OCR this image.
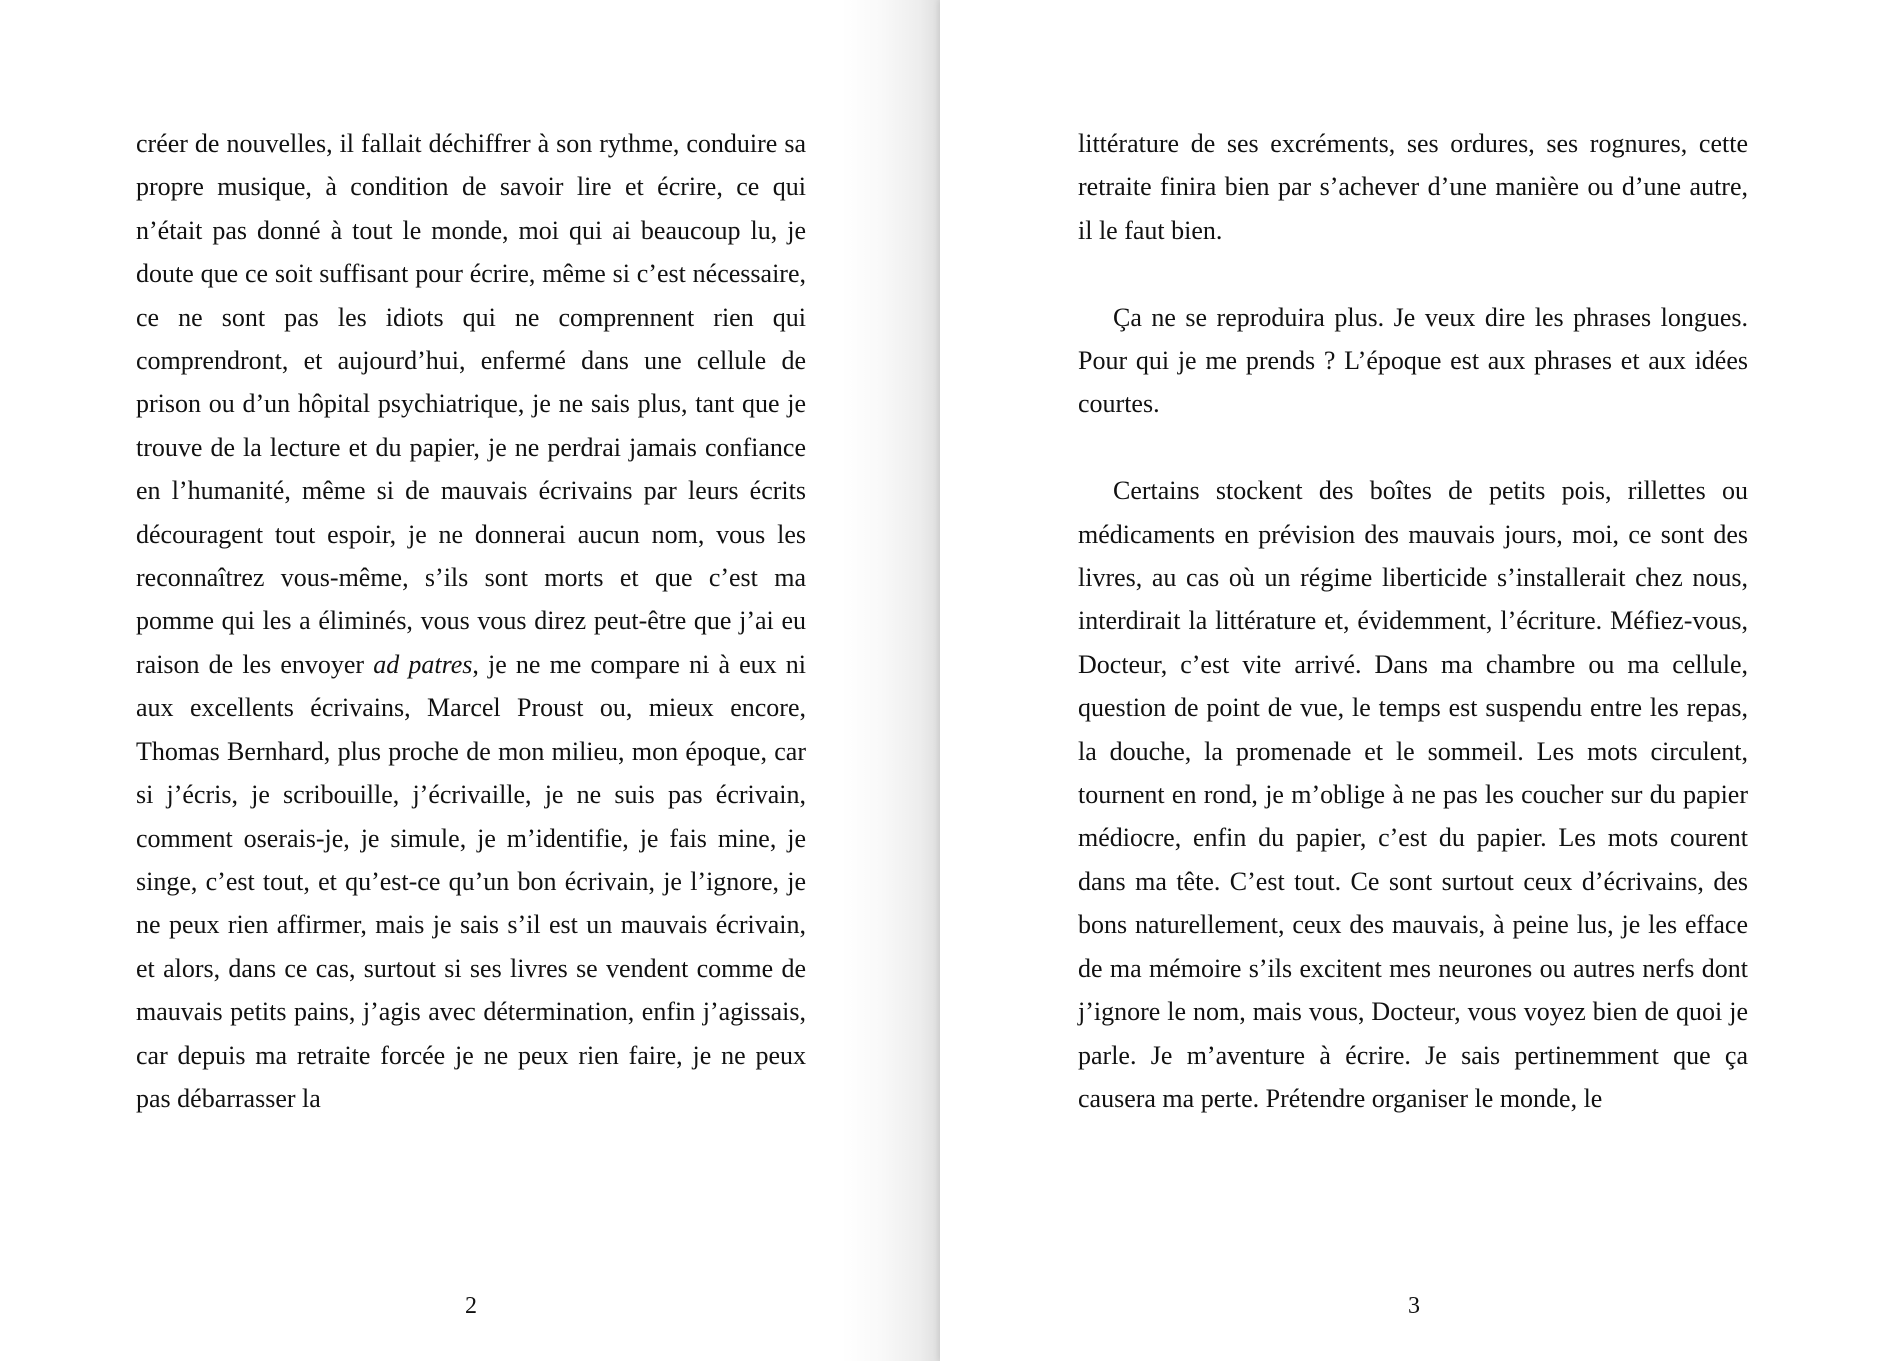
créer de nouvelles, il fallait déchiffrer à son rythme, conduire sa propre musique, à condition de savoir lire et écrire, ce qui n’était pas donné à tout le monde, moi qui ai beaucoup lu, je doute que ce soit suffisant pour écrire, même si c’est nécessaire, ce ne sont pas les idiots qui ne comprennent rien qui comprendront, et aujourd’hui, enfermé dans une cellule de prison ou d’un hôpital psychiatrique, je ne sais plus, tant que je trouve de la lecture et du papier, je ne perdrai jamais confiance en l’humanité, même si de mauvais écrivains par leurs écrits découragent tout espoir, je ne donnerai aucun nom, vous les reconnaîtrez vous-même, s’ils sont morts et que c’est ma pomme qui les a éliminés, vous vous direz peut-être que j’ai eu raison de les envoyer ad patres, je ne me compare ni à eux ni aux excellents écrivains, Marcel Proust ou, mieux encore, Thomas Bernhard, plus proche de mon milieu, mon époque, car si j’écris, je scribouille, j’écrivaille, je ne suis pas écrivain, comment oserais-je, je simule, je m’identifie, je fais mine, je singe, c’est tout, et qu’est-ce qu’un bon écrivain, je l’ignore, je ne peux rien affirmer, mais je sais s’il est un mauvais écrivain, et alors, dans ce cas, surtout si ses livres se vendent comme de mauvais petits pains, j’agis avec détermination, enfin j’agissais, car depuis ma retraite forcée je ne peux rien faire, je ne peux pas débarrasser la

littérature de ses excréments, ses ordures, ses rognures, cette retraite finira bien par s’achever d’une manière ou d’une autre, il le faut bien.

Ça ne se reproduira plus. Je veux dire les phrases longues. Pour qui je me prends ? L’époque est aux phrases et aux idées courtes.

Certains stockent des boîtes de petits pois, rillettes ou médicaments en prévision des mauvais jours, moi, ce sont des livres, au cas où un régime liberticide s’installerait chez nous, interdirait la littérature et, évidemment, l’écriture. Méfiez-vous, Docteur, c’est vite arrivé. Dans ma chambre ou ma cellule, question de point de vue, le temps est suspendu entre les repas, la douche, la promenade et le sommeil. Les mots circulent, tournent en rond, je m’oblige à ne pas les coucher sur du papier médiocre, enfin du papier, c’est du papier. Les mots courent dans ma tête. C’est tout. Ce sont surtout ceux d’écrivains, des bons naturellement, ceux des mauvais, à peine lus, je les efface de ma mémoire s’ils excitent mes neurones ou autres nerfs dont j’ignore le nom, mais vous, Docteur, vous voyez bien de quoi je parle. Je m’aventure à écrire. Je sais pertinemment que ça causera ma perte. Prétendre organiser le monde, le

2	3
